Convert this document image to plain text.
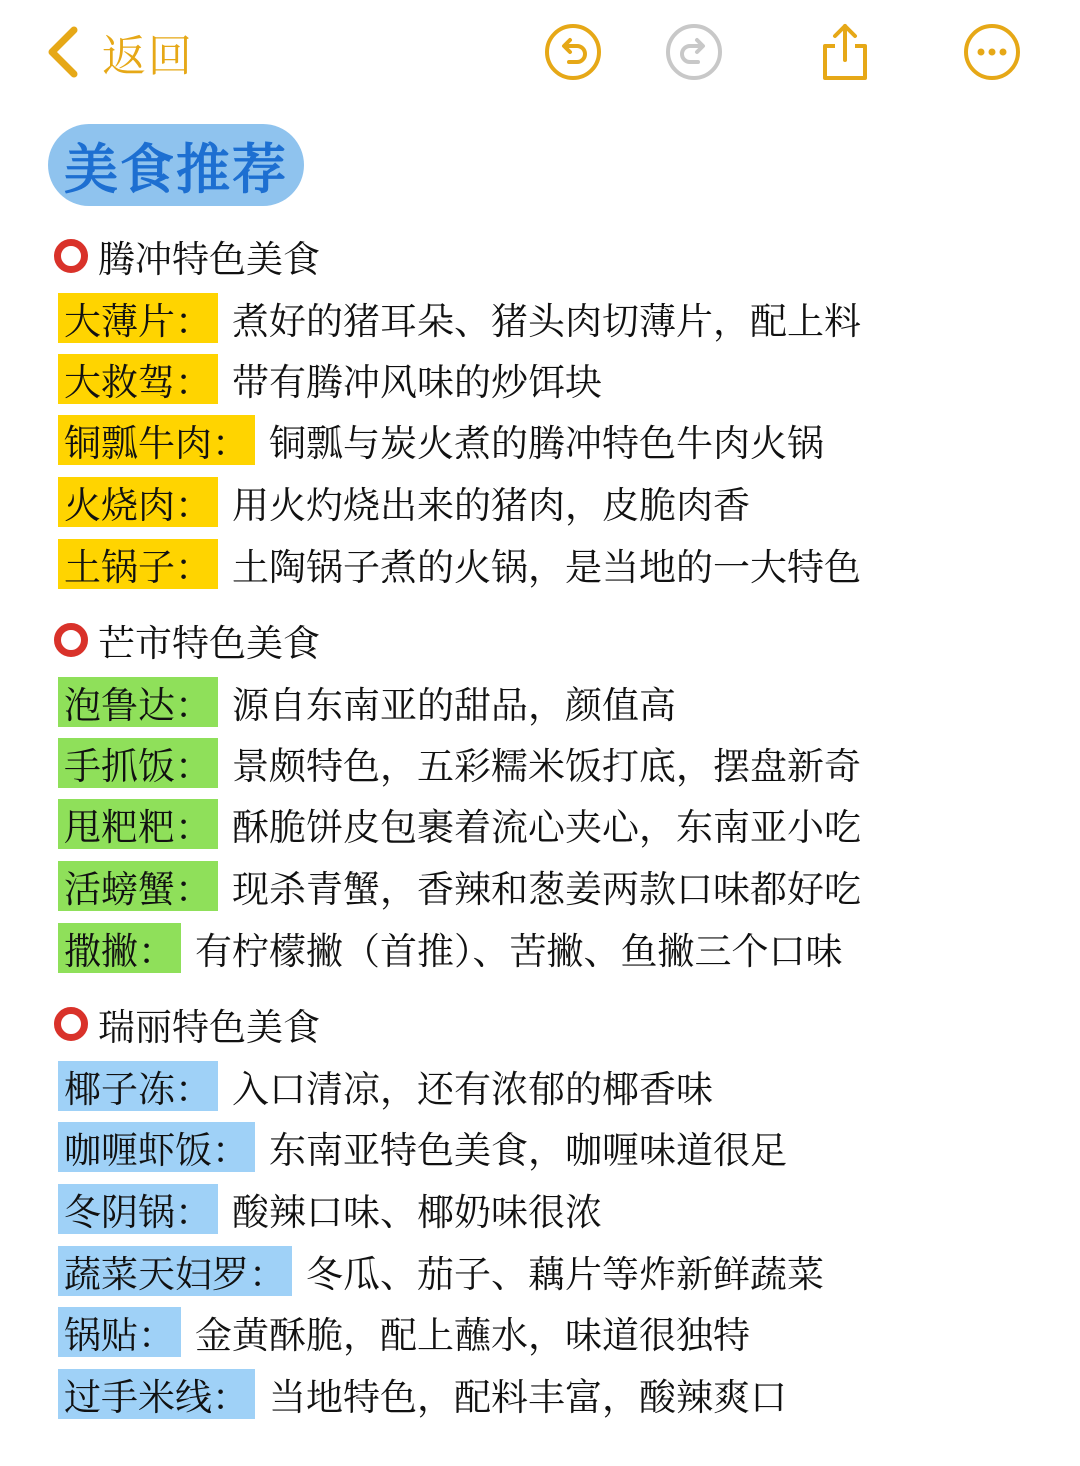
返回
美食推荐
腾冲特色美食
大薄片： 煮好的猪耳朵、猪头肉切薄片，配上料
大救驾： 带有腾冲风味的炒饵块
铜瓢牛肉： 铜瓢与炭火煮的腾冲特色牛肉火锅
火烧肉： 用火灼烧出来的猪肉，皮脆肉香
土锅子： 土陶锅子煮的火锅，是当地的一大特色
芒市特色美食
泡鲁达： 源自东南亚的甜品，颜值高
手抓饭： 景颇特色，五彩糯米饭打底，摆盘新奇
甩粑粑： 酥脆饼皮包裹着流心夹心，东南亚小吃
活螃蟹： 现杀青蟹，香辣和葱姜两款口味都好吃
撒撇： 有柠檬撇（首推）、苦撇、鱼撇三个口味
瑞丽特色美食
椰子冻： 入口清凉，还有浓郁的椰香味
咖喱虾饭： 东南亚特色美食，咖喱味道很足
冬阴锅： 酸辣口味、椰奶味很浓
蔬菜天妇罗： 冬瓜、茄子、藕片等炸新鲜蔬菜
锅贴： 金黄酥脆，配上蘸水，味道很独特
过手米线： 当地特色，配料丰富，酸辣爽口
